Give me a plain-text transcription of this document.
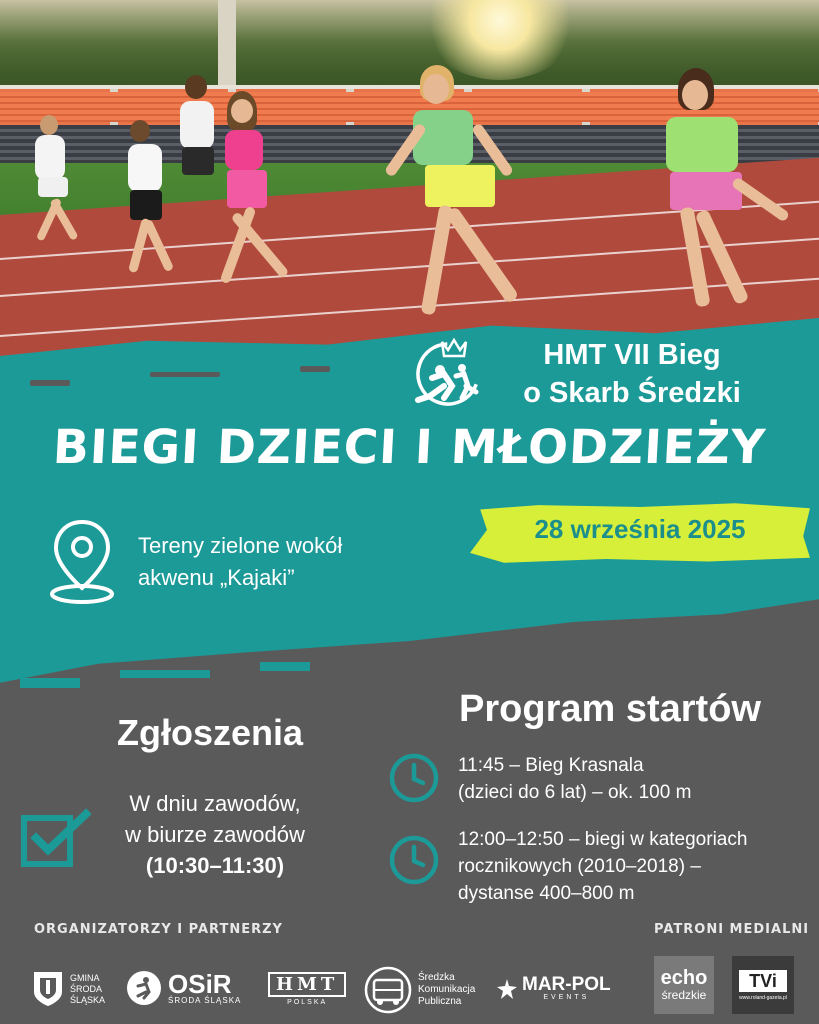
HMT VII Bieg
o Skarb Średzki
BIEGI DZIECI I MŁODZIEŻY
28 września 2025
Tereny zielone wokół
akwenu „Kajaki”
Zgłoszenia
W dniu zawodów,
w biurze zawodów
(10:30–11:30)
Program startów
11:45 – Bieg Krasnala
(dzieci do 6 lat) – ok. 100 m
12:00–12:50 – biegi w kategoriach
rocznikowych (2010–2018) –
dystanse 400–800 m
ORGANIZATORZY I PARTNERZY	PATRONI MEDIALNI
GMINA
ŚRODA
ŚLĄSKA
OSiR
ŚRODA ŚLĄSKA
HMT
POLSKA
Średzka
Komunikacja
Publiczna
MAR-POL
EVENTS
echo
średzkie
TVi
www.roland-gazeta.pl
